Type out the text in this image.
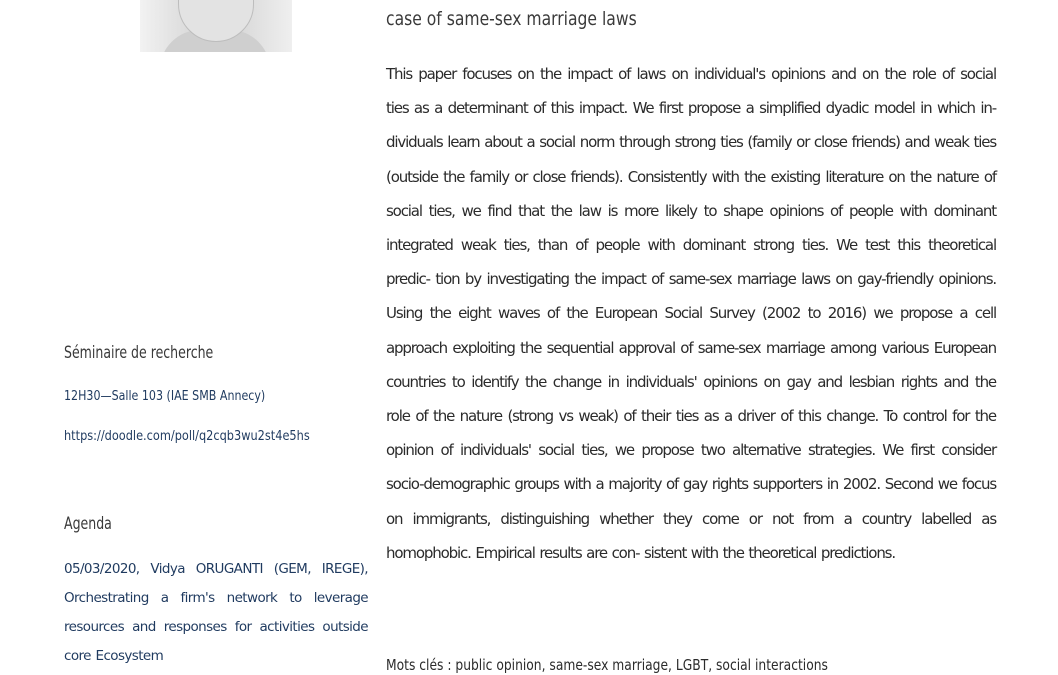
Séminaire de recherche
12H30—Salle 103 (IAE SMB Annecy)
https://doodle.com/poll/q2cqb3wu2st4e5hs
Agenda
05/03/2020, Vidya ORUGANTI (GEM, IREGE), Orchestrating a firm's network to leverage resources and responses for activities outside core Ecosystem
case of same-sex marriage laws
This paper focuses on the impact of laws on individual's opinions and on the role of social ties as a determinant of this impact. We first propose a simplified dyadic model in which in- dividuals learn about a social norm through strong ties (family or close friends) and weak ties (outside the family or close friends). Consistently with the existing literature on the nature of social ties, we find that the law is more likely to shape opinions of people with dominant integrated weak ties, than of people with dominant strong ties. We test this theoretical predic- tion by investigating the impact of same-sex marriage laws on gay-friendly opinions. Using the eight waves of the European Social Survey (2002 to 2016) we propose a cell approach exploiting the sequential approval of same-sex marriage among various European countries to identify the change in individuals' opinions on gay and lesbian rights and the role of the nature (strong vs weak) of their ties as a driver of this change. To control for the opinion of individuals' social ties, we propose two alternative strategies. We first consider socio-demographic groups with a majority of gay rights supporters in 2002. Second we focus on immigrants, distinguishing whether they come or not from a country labelled as homophobic. Empirical results are con- sistent with the theoretical predictions.
Mots clés : public opinion, same-sex marriage, LGBT, social interactions
